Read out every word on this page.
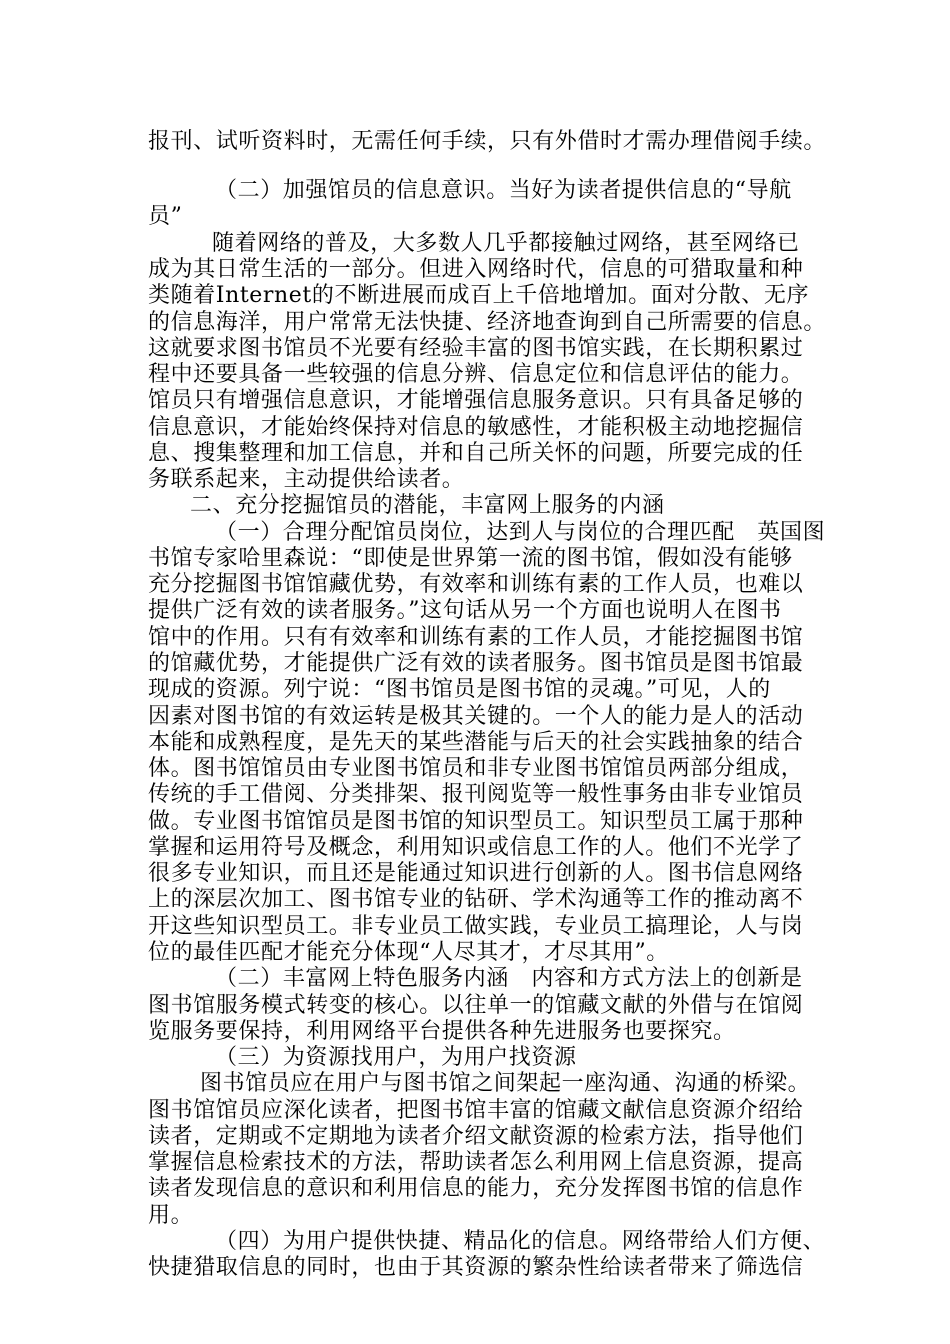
报刊、试听资料时，无需任何手续，只有外借时才需办理借阅手续。
（二）加强馆员的信息意识。当好为读者提供信息的“导航
员”
随着网络的普及，大多数人几乎都接触过网络，甚至网络已
成为其日常生活的一部分。但进入网络时代，信息的可猎取量和种
类随着Internet的不断进展而成百上千倍地增加。面对分散、无序
的信息海洋，用户常常无法快捷、经济地查询到自己所需要的信息。
这就要求图书馆员不光要有经验丰富的图书馆实践，在长期积累过
程中还要具备一些较强的信息分辨、信息定位和信息评估的能力。
馆员只有增强信息意识，才能增强信息服务意识。只有具备足够的
信息意识，才能始终保持对信息的敏感性，才能积极主动地挖掘信
息、搜集整理和加工信息，并和自己所关怀的问题，所要完成的任
务联系起来，主动提供给读者。
二、充分挖掘馆员的潜能，丰富网上服务的内涵
（一）合理分配馆员岗位，达到人与岗位的合理匹配　英国图
书馆专家哈里森说：“即使是世界第一流的图书馆，假如没有能够
充分挖掘图书馆馆藏优势，有效率和训练有素的工作人员，也难以
提供广泛有效的读者服务。”这句话从另一个方面也说明人在图书
馆中的作用。只有有效率和训练有素的工作人员，才能挖掘图书馆
的馆藏优势，才能提供广泛有效的读者服务。图书馆员是图书馆最
现成的资源。列宁说：“图书馆员是图书馆的灵魂。”可见，人的
因素对图书馆的有效运转是极其关键的。一个人的能力是人的活动
本能和成熟程度，是先天的某些潜能与后天的社会实践抽象的结合
体。图书馆馆员由专业图书馆员和非专业图书馆馆员两部分组成，
传统的手工借阅、分类排架、报刊阅览等一般性事务由非专业馆员
做。专业图书馆馆员是图书馆的知识型员工。知识型员工属于那种
掌握和运用符号及概念，利用知识或信息工作的人。他们不光学了
很多专业知识，而且还是能通过知识进行创新的人。图书信息网络
上的深层次加工、图书馆专业的钻研、学术沟通等工作的推动离不
开这些知识型员工。非专业员工做实践，专业员工搞理论，人与岗
位的最佳匹配才能充分体现“人尽其才，才尽其用”。
（二）丰富网上特色服务内涵　内容和方式方法上的创新是
图书馆服务模式转变的核心。以往单一的馆藏文献的外借与在馆阅
览服务要保持，利用网络平台提供各种先进服务也要探究。
（三）为资源找用户，为用户找资源
图书馆员应在用户与图书馆之间架起一座沟通、沟通的桥梁。
图书馆馆员应深化读者，把图书馆丰富的馆藏文献信息资源介绍给
读者，定期或不定期地为读者介绍文献资源的检索方法，指导他们
掌握信息检索技术的方法，帮助读者怎么利用网上信息资源，提高
读者发现信息的意识和利用信息的能力，充分发挥图书馆的信息作
用。
（四）为用户提供快捷、精品化的信息。网络带给人们方便、
快捷猎取信息的同时，也由于其资源的繁杂性给读者带来了筛选信
